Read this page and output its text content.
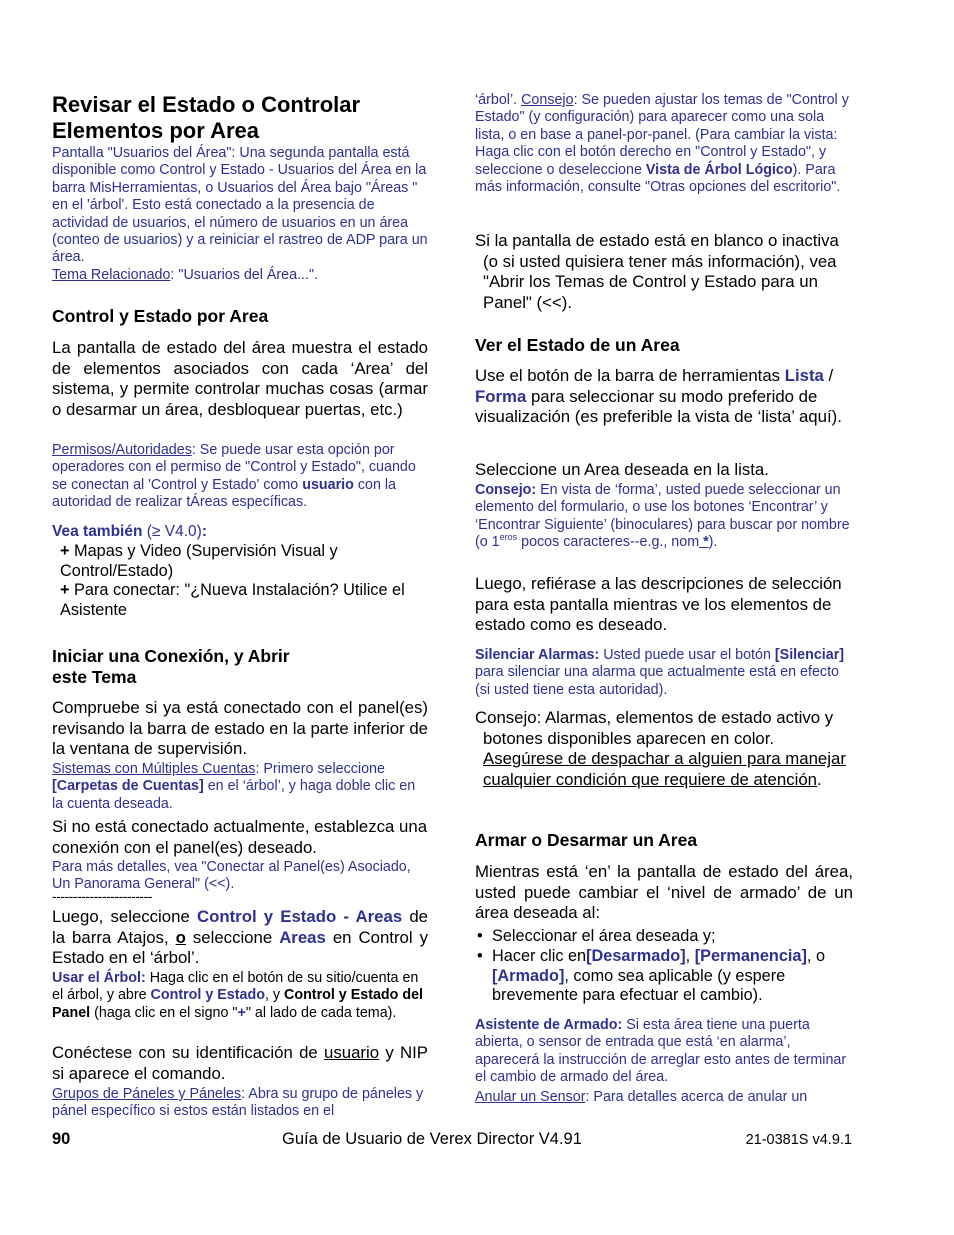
Revisar el Estado o Controlar
Elementos por Area
Pantalla "Usuarios del Área": Una segunda pantalla está disponible como Control y Estado - Usuarios del Área en la barra MisHerramientas, o Usuarios del Área bajo "Áreas " en el 'árbol'. Esto está conectado a la presencia de actividad de usuarios, el número de usuarios en un área (conteo de usuarios) y a reiniciar el rastreo de ADP para un área.
Tema Relacionado: "Usuarios del Área...".
Control y Estado por Area
La pantalla de estado del área muestra el estado de elementos asociados con cada ‘Area’ del sistema, y permite controlar muchas cosas (armar o desarmar un área, desbloquear puertas, etc.)
Permisos/Autoridades: Se puede usar esta opción por operadores con el permiso de "Control y Estado", cuando se conectan al 'Control y Estado' como usuario con la autoridad de realizar tÁreas específicas.
Vea también (≥ V4.0):
+ Mapas y Video (Supervisión Visual y Control/Estado)
+ Para conectar: "¿Nueva Instalación? Utilice el Asistente
Iniciar una Conexión, y Abrir
este Tema
Compruebe si ya está conectado con el panel(es) revisando la barra de estado en la parte inferior de la ventana de supervisión.
Sistemas con Múltiples Cuentas: Primero seleccione [Carpetas de Cuentas] en el ‘árbol’, y haga doble clic en la cuenta deseada.
Si no está conectado actualmente, establezca una conexión con el panel(es) deseado.
Para más detalles, vea "Conectar al Panel(es) Asociado, Un Panorama General" (<<).
------------------------
Luego, seleccione Control y Estado - Areas de la barra Atajos, o seleccione Areas en Control y Estado en el ‘árbol’.
Usar el Árbol: Haga clic en el botón de su sitio/cuenta en el árbol, y abre Control y Estado, y Control y Estado del Panel (haga clic en el signo "+" al lado de cada tema).
Conéctese con su identificación de usuario y NIP si aparece el comando.
Grupos de Páneles y Páneles: Abra su grupo de páneles y pánel específico si estos están listados en el
‘árbol’. Consejo: Se pueden ajustar los temas de "Control y Estado" (y configuración) para aparecer como una sola lista, o en base a panel-por-panel. (Para cambiar la vista: Haga clic con el botón derecho en "Control y Estado", y seleccione o deseleccione Vista de Árbol Lógico). Para más información, consulte "Otras opciones del escritorio".
Si la pantalla de estado está en blanco o inactiva (o si usted quisiera tener más información), vea "Abrir los Temas de Control y Estado para un Panel" (<<).
Ver el Estado de un Area
Use el botón de la barra de herramientas Lista / Forma para seleccionar su modo preferido de visualización (es preferible la vista de ‘lista’ aquí).
Seleccione un Area deseada en la lista.
Consejo: En vista de ‘forma’, usted puede seleccionar un elemento del formulario, o use los botones ‘Encontrar’ y ‘Encontrar Siguiente’ (binoculares) para buscar por nombre (o $1^{eros}$ pocos caracteres--e.g., nom *).
Luego, refiérase a las descripciones de selección para esta pantalla mientras ve los elementos de estado como es deseado.
Silenciar Alarmas: Usted puede usar el botón [Silenciar] para silenciar una alarma que actualmente está en efecto (si usted tiene esta autoridad).
Consejo: Alarmas, elementos de estado activo y botones disponibles aparecen en color. Asegúrese de despachar a alguien para manejar cualquier condición que requiere de atención.
Armar o Desarmar un Area
Mientras está ‘en’ la pantalla de estado del área, usted puede cambiar el ‘nivel de armado’ de un área deseada al:
• Seleccionar el área deseada y;
• Hacer clic en[Desarmado], [Permanencia], o [Armado], como sea aplicable (y espere brevemente para efectuar el cambio).
Asistente de Armado: Si esta área tiene una puerta abierta, o sensor de entrada que está ‘en alarma’, aparecerá la instrucción de arreglar esto antes de terminar el cambio de armado del área.
Anular un Sensor: Para detalles acerca de anular un
90	Guía de Usuario de Verex Director V4.91	21-0381S v4.9.1
